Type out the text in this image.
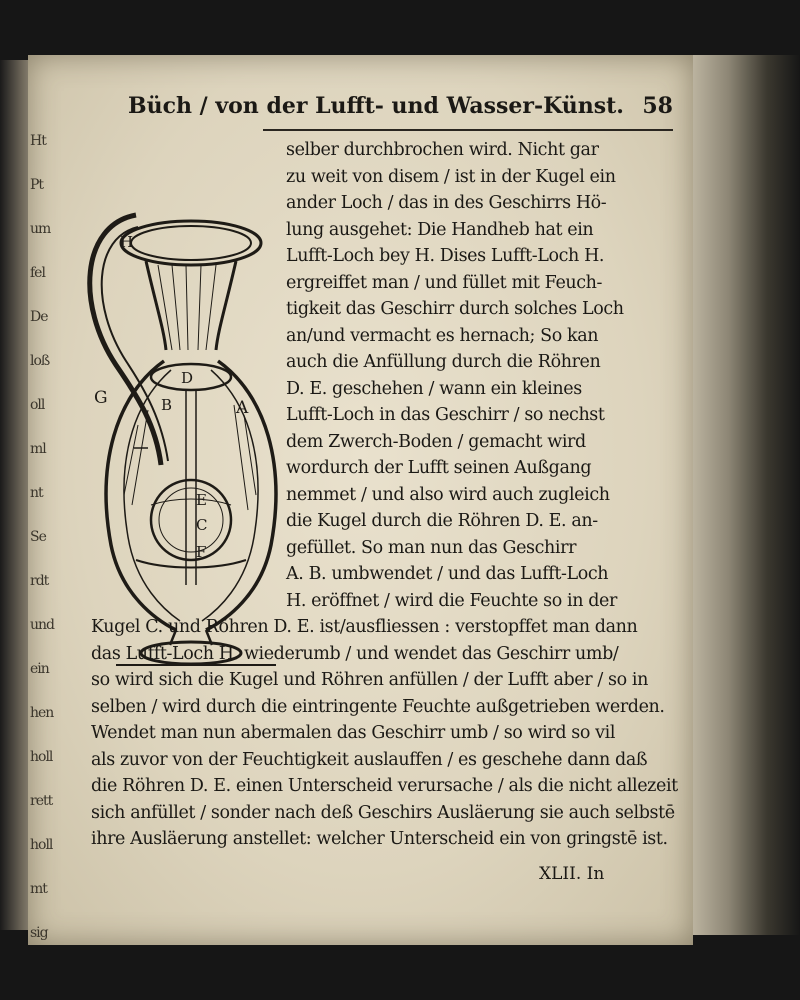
Ht
Pt
um
fel
De
loß
oll
ml
nt
Se
rdt
und
ein
hen
holl
rett
holl
mt
sig
Büch / von der Lufft- und Wasser-Künst. 58
H
D
B	A
G
E
C
F
selber durchbrochen wird. Nicht gar
zu weit von disem / ist in der Kugel ein
ander Loch / das in des Geschirrs Hö-
lung ausgehet: Die Handheb hat ein
Lufft-Loch bey H. Dises Lufft-Loch H.
ergreiffet man / und füllet mit Feuch-
tigkeit das Geschirr durch solches Loch
an/und vermacht es hernach; So kan
auch die Anfüllung durch die Röhren
D. E. geschehen / wann ein kleines
Lufft-Loch in das Geschirr / so nechst
dem Zwerch-Boden / gemacht wird
wordurch der Lufft seinen Außgang
nemmet / und also wird auch zugleich
die Kugel durch die Röhren D. E. an-
gefüllet. So man nun das Geschirr
A. B. umbwendet / und das Lufft-Loch
H. eröffnet / wird die Feuchte so in der
Kugel C. und Röhren D. E. ist/ausfliessen : verstopffet man dann
das Lufft-Loch H. wiederumb / und wendet das Geschirr umb/
so wird sich die Kugel und Röhren anfüllen / der Lufft aber / so in
selben / wird durch die eintringente Feuchte außgetrieben werden.
Wendet man nun abermalen das Geschirr umb / so wird so vil
als zuvor von der Feuchtigkeit auslauffen / es geschehe dann daß
die Röhren D. E. einen Unterscheid verursache / als die nicht allezeit
sich anfüllet / sonder nach deß Geschirs Ausläerung sie auch selbstē
ihre Ausläerung anstellet: welcher Unterscheid ein von gringstē ist.
XLII. In
